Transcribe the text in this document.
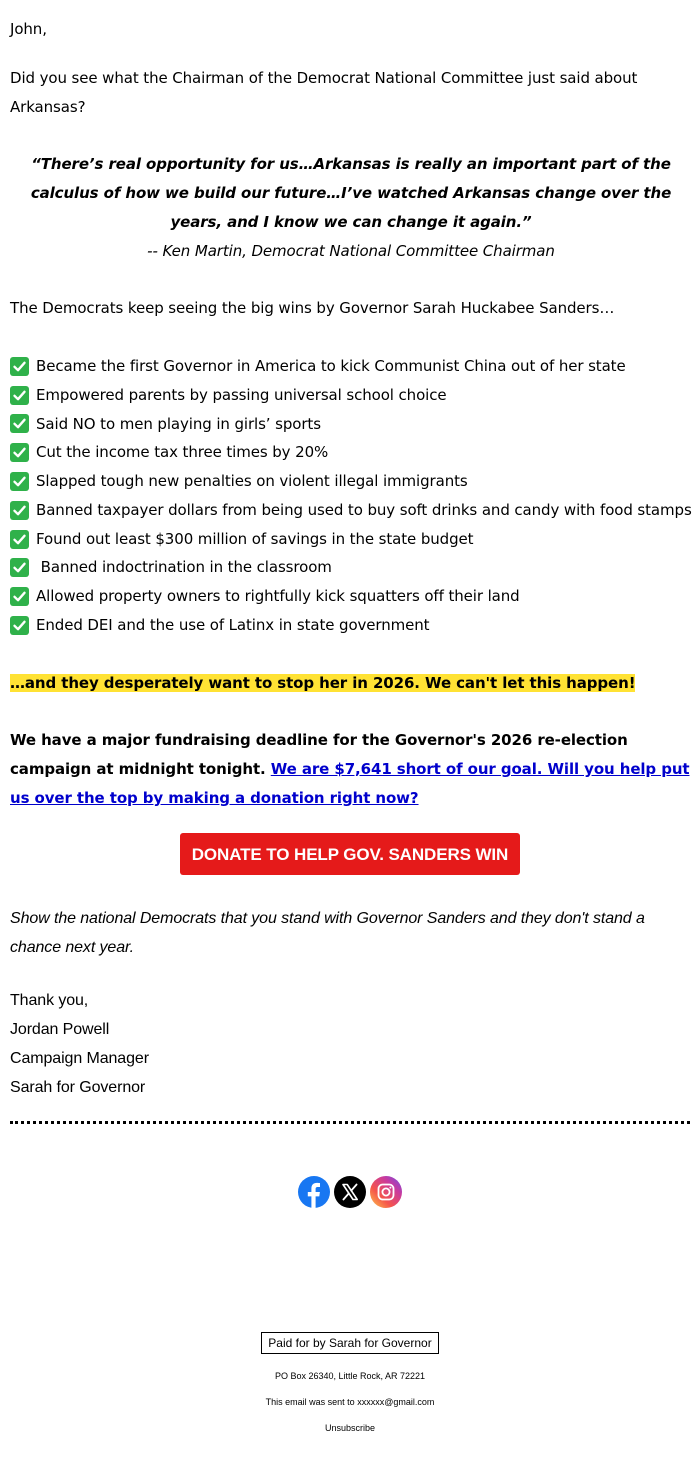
John,

Did you see what the Chairman of the Democrat National Committee just said about Arkansas?

“There’s real opportunity for us…Arkansas is really an important part of the calculus of how we build our future…I’ve watched Arkansas change over the years, and I know we can change it again.”

-- Ken Martin, Democrat National Committee Chairman

The Democrats keep seeing the big wins by Governor Sarah Huckabee Sanders…

Became the first Governor in America to kick Communist China out of her state
Empowered parents by passing universal school choice
Said NO to men playing in girls’ sports
Cut the income tax three times by 20%
Slapped tough new penalties on violent illegal immigrants
Banned taxpayer dollars from being used to buy soft drinks and candy with food stamps
Found out least $300 million of savings in the state budget
Banned indoctrination in the classroom
Allowed property owners to rightfully kick squatters off their land
Ended DEI and the use of Latinx in state government

…and they desperately want to stop her in 2026. We can't let this happen!

We have a major fundraising deadline for the Governor's 2026 re-election campaign at midnight tonight. We are $7,641 short of our goal. Will you help put us over the top by making a donation right now?

DONATE TO HELP GOV. SANDERS WIN

Show the national Democrats that you stand with Governor Sanders and they don't stand a chance next year.

Thank you,
Jordan Powell
Campaign Manager
Sarah for Governor
Paid for by Sarah for Governor
PO Box 26340, Little Rock, AR 72221
This email was sent to xxxxxx@gmail.com
Unsubscribe
